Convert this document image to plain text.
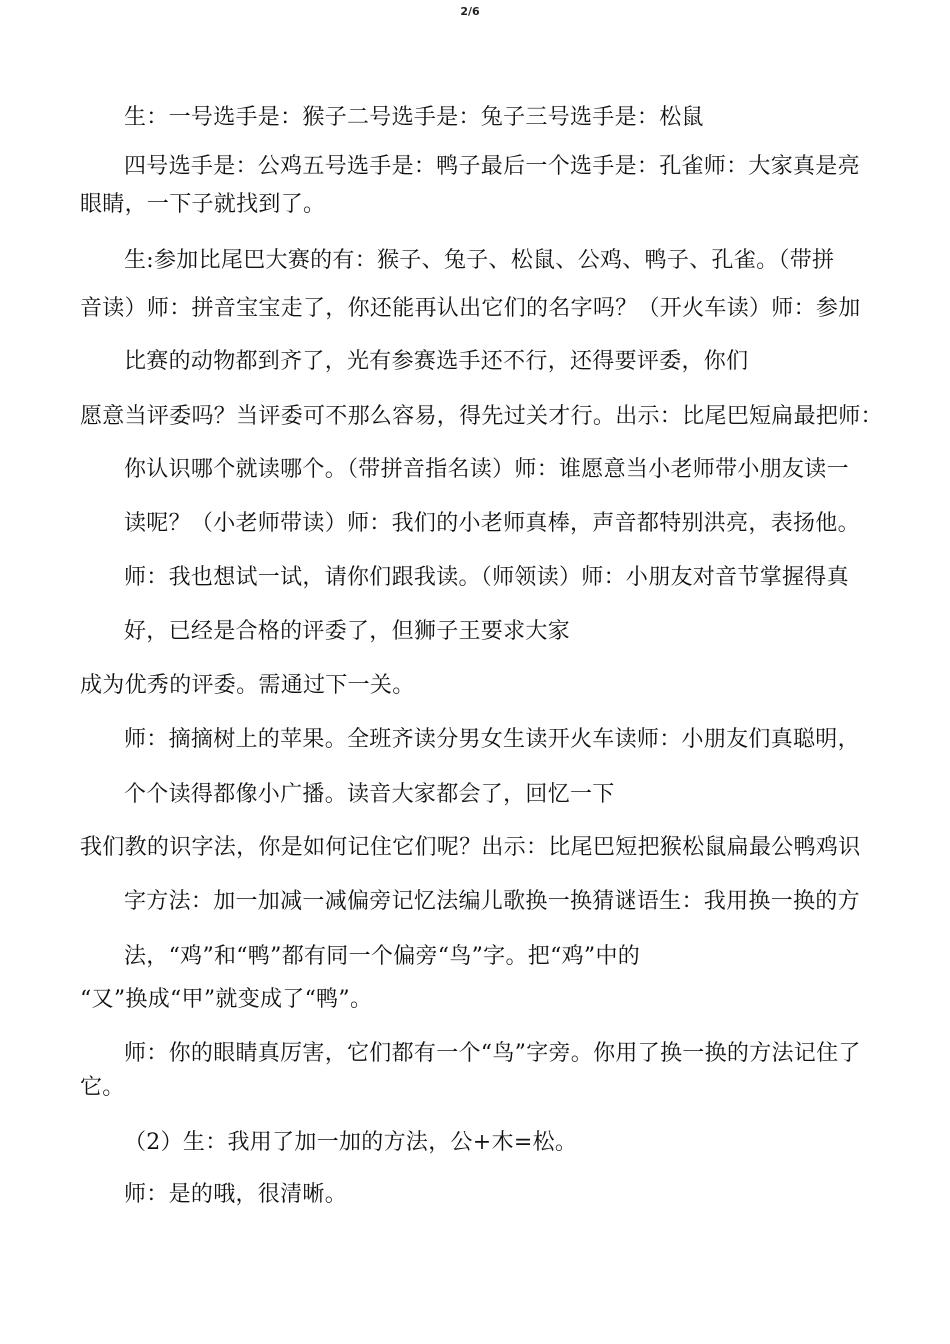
2/6
生：一号选手是：猴子二号选手是：兔子三号选手是：松鼠
四号选手是：公鸡五号选手是：鸭子最后一个选手是：孔雀师：大家真是亮
眼睛，一下子就找到了。
生:参加比尾巴大赛的有：猴子、兔子、松鼠、公鸡、鸭子、孔雀。（带拼
音读）师：拼音宝宝走了，你还能再认出它们的名字吗？（开火车读）师：参加
比赛的动物都到齐了，光有参赛选手还不行，还得要评委，你们
愿意当评委吗？当评委可不那么容易，得先过关才行。出示：比尾巴短扁最把师：
你认识哪个就读哪个。（带拼音指名读）师：谁愿意当小老师带小朋友读一
读呢？（小老师带读）师：我们的小老师真棒，声音都特别洪亮，表扬他。
师：我也想试一试，请你们跟我读。（师领读）师：小朋友对音节掌握得真
好，已经是合格的评委了，但狮子王要求大家
成为优秀的评委。需通过下一关。
师：摘摘树上的苹果。全班齐读分男女生读开火车读师：小朋友们真聪明，
个个读得都像小广播。读音大家都会了，回忆一下
我们教的识字法，你是如何记住它们呢？出示：比尾巴短把猴松鼠扁最公鸭鸡识
字方法：加一加减一减偏旁记忆法编儿歌换一换猜谜语生：我用换一换的方
法，“鸡”和“鸭”都有同一个偏旁“鸟”字。把“鸡”中的
“又”换成“甲”就变成了“鸭”。
师：你的眼睛真厉害，它们都有一个“鸟”字旁。你用了换一换的方法记住了
它。
（2）生：我用了加一加的方法，公+木=松。
师：是的哦，很清晰。
